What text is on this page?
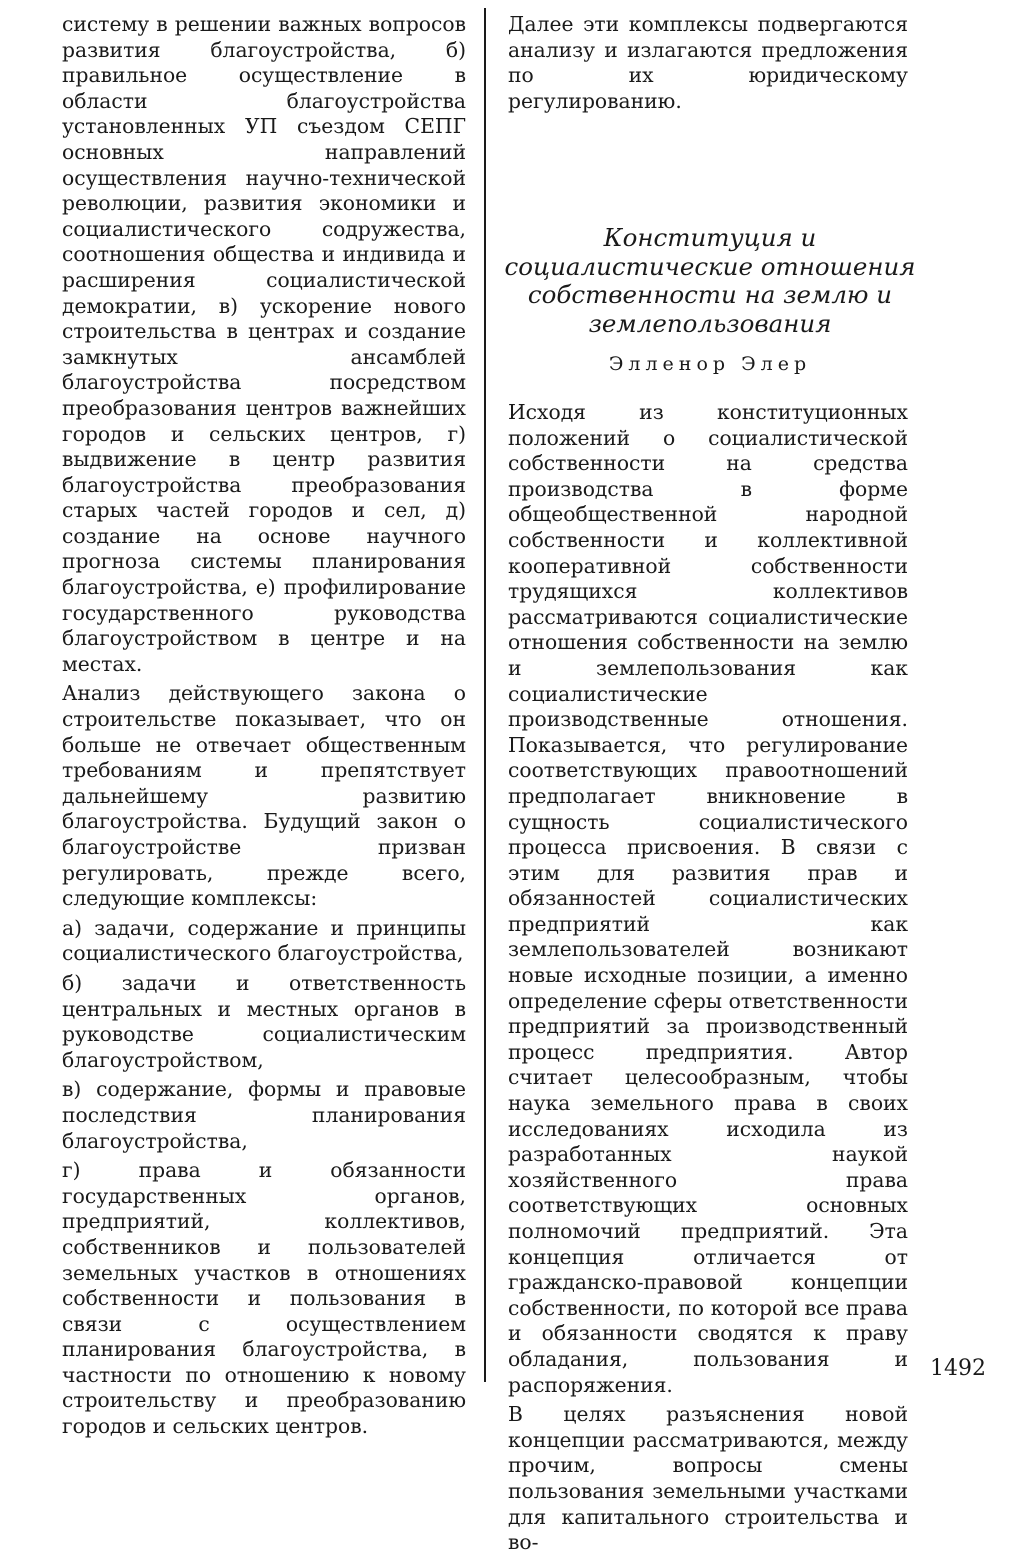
систему в решении важных вопросов развития благоустройства, б) правильное осуществление в области благоустройства установленных УП съездом СЕПГ основных направлений осуществления научно-технической революции, развития экономики и социалистического содружества, соотношения общества и индивида и расширения социалистической демократии, в) ускорение нового строительства в центрах и создание замкнутых ансамблей благоустройства посредством преобразования центров важнейших городов и сельских центров, г) выдвижение в центр развития благоустройства преобразования старых частей городов и сел, д) создание на основе научного прогноза системы планирования благоустройства, е) профилирование государственного руководства благоустройством в центре и на местах.

Анализ действующего закона о строительстве показывает, что он больше не отвечает общественным требованиям и препятствует дальнейшему развитию благоустройства. Будущий закон о благоустройстве призван регулировать, прежде всего, следующие комплексы:

а) задачи, содержание и принципы социалистического благоустройства,
б) задачи и ответственность центральных и местных органов в руководстве социалистическим благоустройством,
в) содержание, формы и правовые последствия планирования благоустройства,
г) права и обязанности государственных органов, предприятий, коллективов, собственников и пользователей земельных участков в отношениях собственности и пользования в связи с осуществлением планирования благоустройства, в частности по отношению к новому строительству и преобразованию городов и сельских центров.

Далее эти комплексы подвергаются анализу и излагаются предложения по их юридическому регулированию.

Конституция и социалистические отношения собственности на землю и землепользования
Элленор Элер

Исходя из конституционных положений о социалистической собственности на средства производства в форме общеобщественной народной собственности и коллективной кооперативной собственности трудящихся коллективов рассматриваются социалистические отношения собственности на землю и землепользования как социалистические производственные отношения. Показывается, что регулирование соответствующих правоотношений предполагает вникновение в сущность социалистического процесса присвоения. В связи с этим для развития прав и обязанностей социалистических предприятий как землепользователей возникают новые исходные позиции, а именно определение сферы ответственности предприятий за производственный процесс предприятия. Автор считает целесообразным, чтобы наука земельного права в своих исследованиях исходила из разработанных наукой хозяйственного права соответствующих основных полномочий предприятий. Эта концепция отличается от гражданско-правовой концепции собственности, по которой все права и обязанности сводятся к праву обладания, пользования и распоряжения.

В целях разъяснения новой концепции рассматриваются, между прочим, вопросы смены пользования земельными участками для капитального строительства и во-

1492
